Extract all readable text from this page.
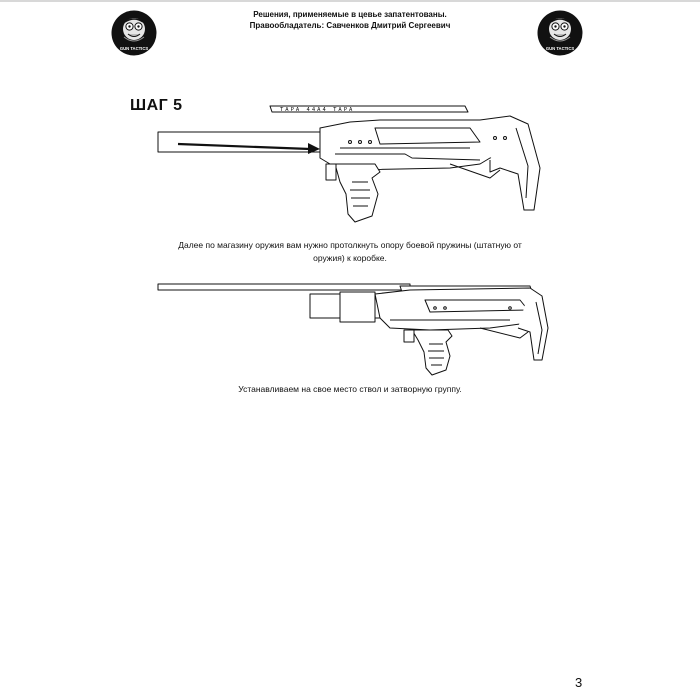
GUN TACTICS	GUN TACTICS
Решения, применяемые в цевье запатентованы.
Правообладатель: Савченков Дмитрий Сергеевич
ШАГ 5	TAPA 44A4 TAPA
Далее по магазину оружия вам нужно протолкнуть опору боевой пружины (штатную от
оружия) к коробке.
Устанавливаем на свое место ствол и затворную группу.
3
